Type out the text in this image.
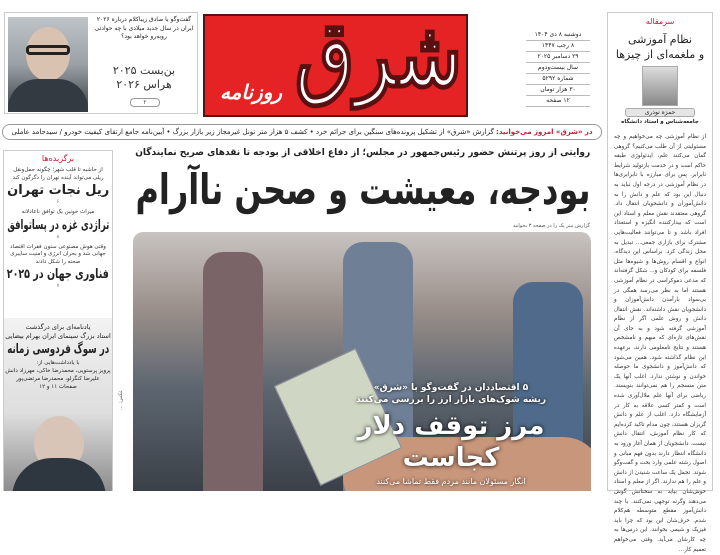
گفت‌وگو با صادق زیباکلام درباره ۲۰۲۶ ایران در سال جدید میلادی با چه حوادثی روبه‌رو خواهد بود؟
بن‌بست ۲۰۲۵
هراس ۲۰۲۶
۲ شرق
روزنامه
دوشنبه ۸ دی ۱۴۰۴
۸ رجب ۱۴۴۷
۲۹ دسامبر ۲۰۲۵
سال بیست‌ودوم
شماره ۵۲۹۲
۳۰ هزار تومان
۱۲ صفحه
در «شرق» امروز می‌خوانید: گزارش «شرق» از تشکیل پرونده‌های سنگین برای جرائم خرد • کشف ۵ هزار متر تونل غیرمجاز زیر بازار بزرگ • آیین‌نامه جامع ارتقای کیفیت خودرو / سیدحامد عاملی
برگزیده‌ها
از حاشیه تا قلب شهر؛ چگونه حمل‌ونقل ریلی می‌تواند آینده تهران را دگرگون کند
ریل نجات تهران
۶
میراث خونین یک توافق ناعادلانه
تراژدی غزه در پساتوافق
۸
وقتی هوش مصنوعی ستون فقرات اقتصاد جهانی شد و بحران انرژی و امنیت سایبری صحنه را شکل دادند
فناوری جهان در ۲۰۲۵
۷
یادنامه‌ای برای درگذشت
استاد بزرگ سینمای ایران بهرام بیضایی
در سوگ فردوسی زمانه
با یادداشت‌هایی از:
پرویز پرستویی، محمدرضا خاکی، مهرزاد دانش علیرضا کنگرلو، محمدرضا مرتضی‌پور
صفحات ۱۱ و ۱۲
عکس: ...
روایتی از روز پرتنش حضور رئیس‌جمهور در مجلس؛ از دفاع اخلاقی از بودجه تا نقدهای صریح نمایندگان
بودجه، معیشت و صحن ناآرام
گزارش تیتر یک را در صفحه ۳ بخوانید
۵ اقتصاددان در گفت‌وگو با «شرق»
ریشه شوک‌های بازار ارز را بررسی می‌کنند
مرز توقف دلار
کجاست
انگار مسئولان مانند مردم فقط تماشا می‌کنند
سرمقاله
نظام آموزشی
و ملغمه‌ای از چیزها
حمزه نوذری
جامعه‌شناس و استاد دانشگاه
از نظام آموزشی چه می‌خواهیم و چه مسئولیتی از آن طلب می‌کنیم؟ گروهی گمان می‌کنند علم، ایدئولوژی طبقه حاکم است و در خدمت بازتولید شرایط نابرابر. پس برای مبارزه با نابرابری‌ها در نظام آموزشی در درجه اول نباید به دنبال این بود که علم و دانش را به دانش‌آموزان و دانشجویان انتقال داد. گروهی معتقدند نقش معلم و استاد این است که بیدارکننده انگیزه و استعداد افراد باشد و تا می‌توانند فعالیت‌هایی مشترک برای بازاری جمعی... تبدیل به محل زندگی کرد. براساس این دیدگاه، انواع و اقسام روش‌ها و شیوه‌ها مثل فلسفه برای کودکان و... شکل گرفته‌اند که مدعی دموکراسی در نظام آموزشی هستند اما به نظر می‌رسد همگی در بی‌سواد بارآمدن دانش‌آموزان و دانشجویان نقش داشته‌اند. نقش انتقال دانش و روش علمی اگر از نظام آموزشی گرفته شود و به جای آن نقش‌های تازه‌ای که مبهم و نامشخص هستند و نتایج نامعلومی دارند، برعهده این نظام گذاشته شود، همین می‌شود که دانش‌آموز و دانشجوی ما حوصله خواندن و نوشتن ندارد. اغلب آنها یک متن منسجم را هم نمی‌توانند بنویسند. ریاضی برای آنها علم ملال‌آوری شده است و کمتر کسی علاقه به کار در آزمایشگاه دارد. اغلب از علم و دانش گریزان هستند، چون مدام تاکید کرده‌ایم که کار نظام آموزش، انتقال دانش نیست. دانشجویان از همان آغاز ورود به دانشگاه انتظار دارند بدون فهم مبانی و اصول رشته علمی وارد بحث و گفت‌وگو شوند. تحمل یک ساعت شنیدن از دانش و علم را هم ندارند. اگر از معلم و استاد خوش‌شان بیاید به سخنانش گوش می‌دهند وگرنه توجهی نمی‌کنند. با چند دانش‌آموز مقطع متوسطه هم‌کلام شدم. حرف‌شان این بود که چرا باید فیزیک و شیمی بخوانند. این درس‌ها به چه کارشان می‌آید. وقتی می‌خواهم تعمیم کار...
